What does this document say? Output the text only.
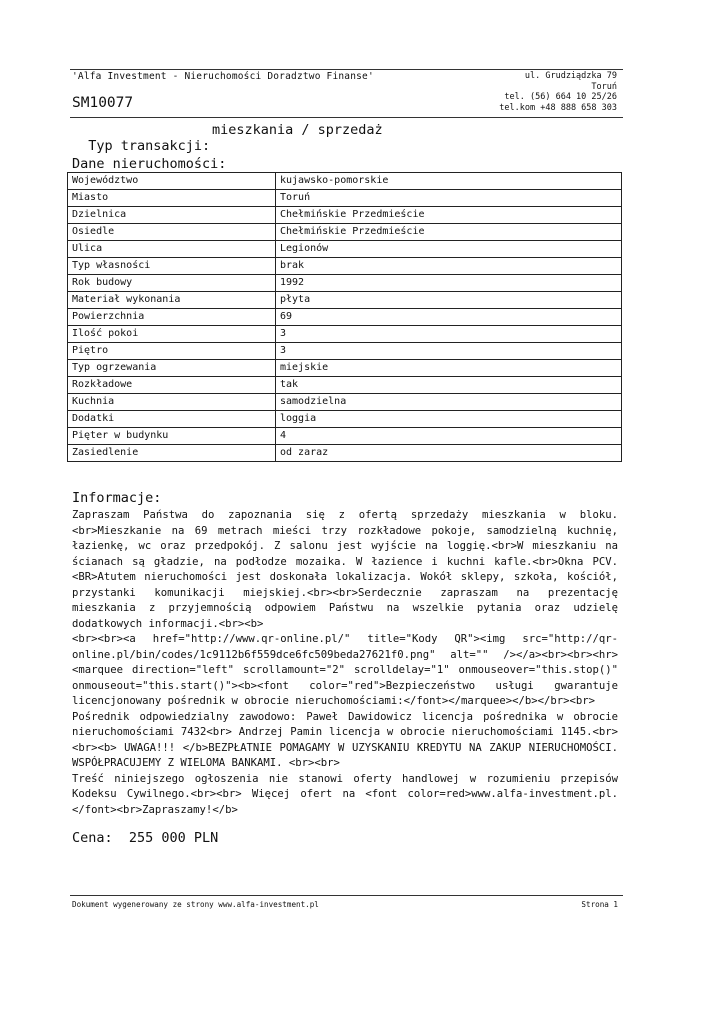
'Alfa Investment - Nieruchomości Doradztwo Finanse'
SM10077
ul. Grudziądzka 79
Toruń
tel. (56) 664 10 25/26
tel.kom +48 888 658 303

Typ transakcji:

mieszkania / sprzedaż

Dane nieruchomości:
Województwo	kujawsko-pomorskie
Miasto	Toruń
Dzielnica	Chełmińskie Przedmieście
Osiedle	Chełmińskie Przedmieście
Ulica	Legionów
Typ własności	brak
Rok budowy	1992
Materiał wykonania	płyta
Powierzchnia	69
Ilość pokoi	3
Piętro	3
Typ ogrzewania	miejskie
Rozkładowe	tak
Kuchnia	samodzielna
Dodatki	loggia
Pięter w budynku	4
Zasiedlenie	od zaraz
Informacje:

Zapraszam Państwa do zapoznania się z ofertą sprzedaży mieszkania w bloku.<br>Mieszkanie na 69 metrach mieści trzy rozkładowe pokoje, samodzielną kuchnię, łazienkę, wc oraz przedpokój. Z salonu jest wyjście na loggię.<br>W mieszkaniu na ścianach są gładzie, na podłodze mozaika. W łazience i kuchni kafle.<br>Okna PCV.<BR>Atutem nieruchomości jest doskonała lokalizacja. Wokół sklepy, szkoła, kościół, przystanki komunikacji miejskiej.<br><br>Serdecznie zapraszam na prezentację mieszkania z przyjemnością odpowiem Państwu na wszelkie pytania oraz udzielę dodatkowych informacji.<br><b>

<br><br><a href="http://www.qr-online.pl/" title="Kody QR"><img src="http://qr-online.pl/bin/codes/1c9112b6f559dce6fc509beda27621f0.png" alt="" /></a><br><br><hr><marquee direction="left" scrollamount="2" scrolldelay="1" onmouseover="this.stop()" onmouseout="this.start()"><b><font color="red">Bezpieczeństwo usługi gwarantuje licencjonowany pośrednik w obrocie nieruchomościami:</font></marquee></b></br><br>

Pośrednik odpowiedzialny zawodowo: Paweł Dawidowicz licencja pośrednika w obrocie nieruchomościami 7432<br> Andrzej Pamin licencja w obrocie nieruchomościami 1145.<br><br><b> UWAGA!!! </b>BEZPŁATNIE POMAGAMY W UZYSKANIU KREDYTU NA ZAKUP NIERUCHOMOŚCI. WSPÓŁPRACUJEMY Z WIELOMA BANKAMI. <br><br>

Treść niniejszego ogłoszenia nie stanowi oferty handlowej w rozumieniu przepisów Kodeksu Cywilnego.<br><br> Więcej ofert na <font color=red>www.alfa-investment.pl. </font><br>Zapraszamy!</b>

Cena: 255 000 PLN
Dokument wygenerowany ze strony www.alfa-investment.pl	Strona 1
